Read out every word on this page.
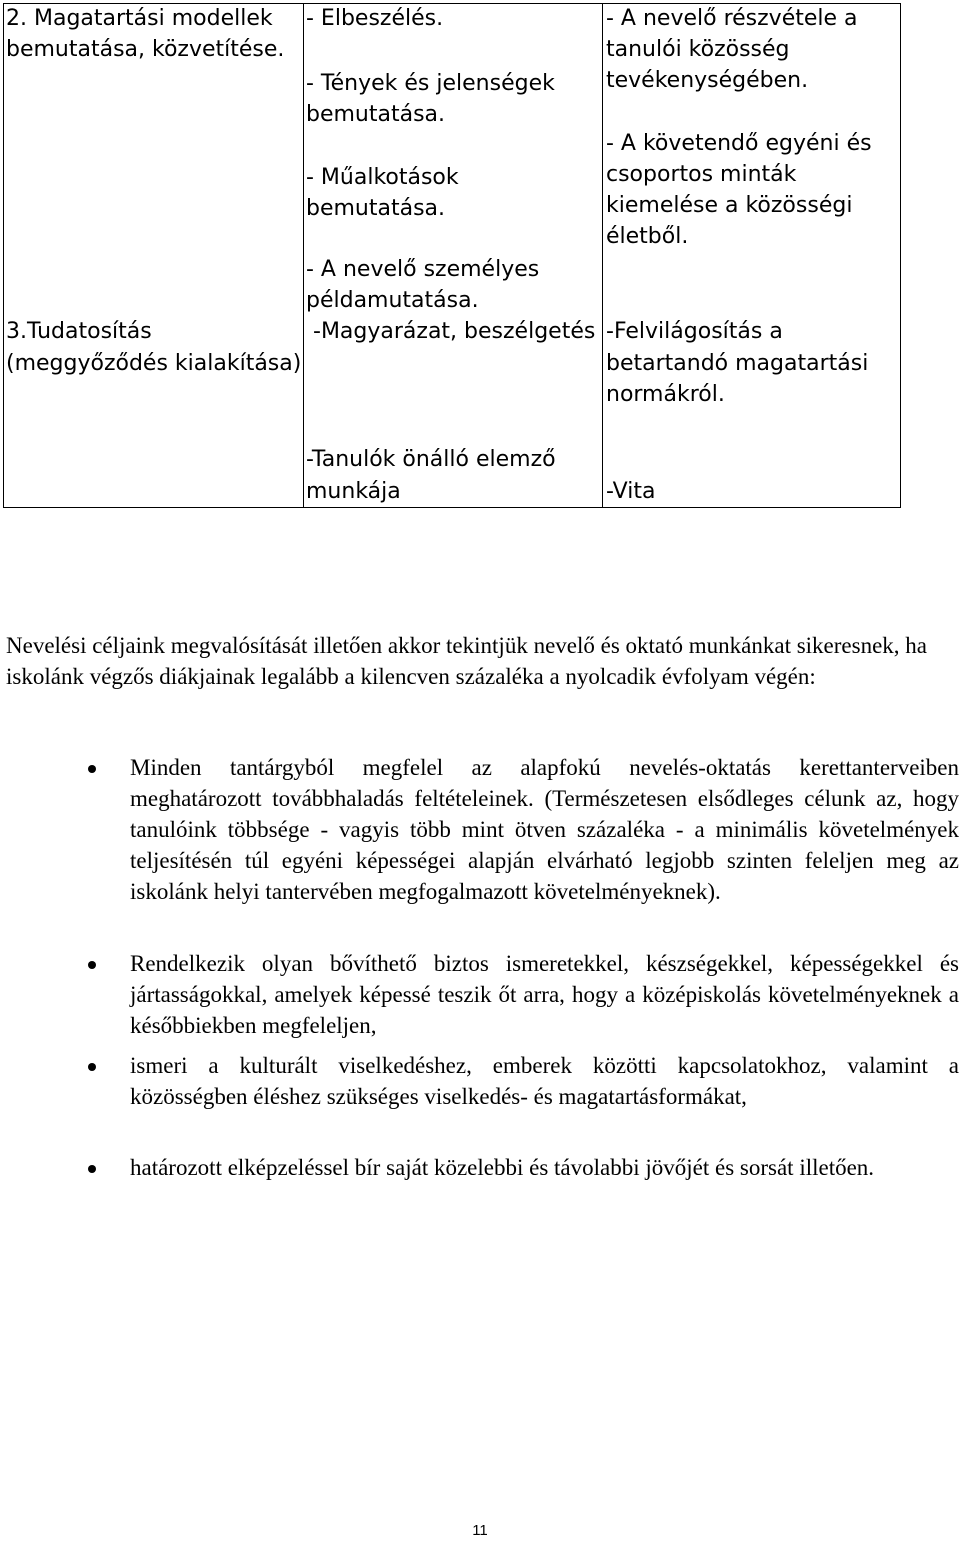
2. Magatartási modellek

bemutatása, közvetítése.

- Elbeszélés.

- Tények és jelenségek

bemutatása.

- Műalkotások

bemutatása.

- A nevelő személyes

példamutatása.

- A nevelő részvétele a

tanulói közösség

tevékenységében.

- A követendő egyéni és

csoportos minták

kiemelése a közösségi

életből.

3.Tudatosítás

(meggyőződés kialakítása)

-Magyarázat, beszélgetés -Felvilágosítás a

betartandó magatartási

normákról.

-Tanulók önálló elemző

munkája	-Vita

Nevelési céljaink megvalósítását illetően akkor tekintjük nevelő és oktató munkánkat sikeresnek, ha iskolánk végzős diákjainak legalább a kilencven százaléka a nyolcadik évfolyam végén:

Minden tantárgyból megfelel az alapfokú nevelés-oktatás kerettanterveiben meghatározott továbbhaladás feltételeinek. (Természetesen elsődleges célunk az, hogy tanulóink többsége - vagyis több mint ötven százaléka - a minimális követelmények teljesítésén túl egyéni képességei alapján elvárható legjobb szinten feleljen meg az iskolánk helyi tantervében megfogalmazott követelményeknek).

Rendelkezik olyan bővíthető biztos ismeretekkel, készségekkel, képességekkel és jártasságokkal, amelyek képessé teszik őt arra, hogy a középiskolás követelményeknek a későbbiekben megfeleljen,

ismeri a kulturált viselkedéshez, emberek közötti kapcsolatokhoz, valamint a közösségben éléshez szükséges viselkedés- és magatartásformákat,

határozott elképzeléssel bír saját közelebbi és távolabbi jövőjét és sorsát illetően.

11
